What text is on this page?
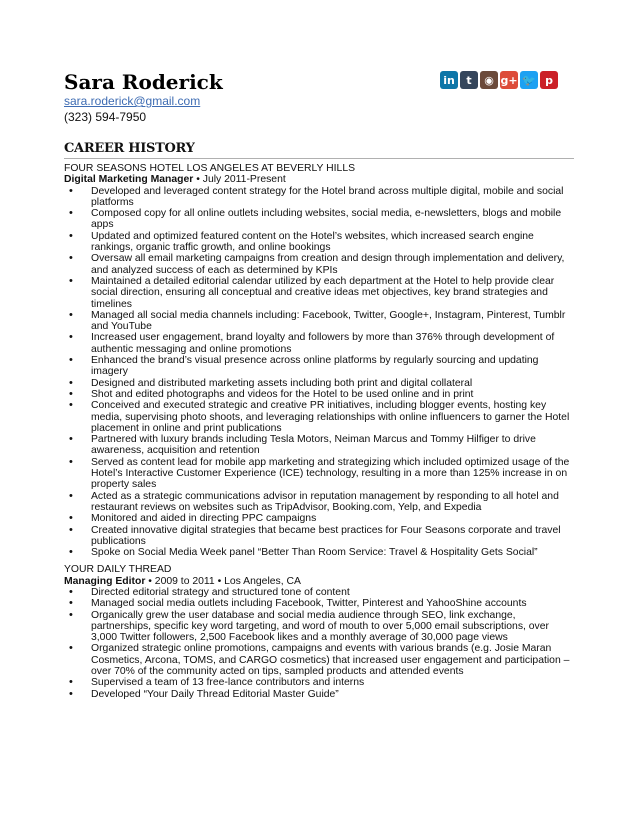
Sara Roderick
sara.roderick@gmail.com
(323) 594-7950
in	t	◉ g+ 🐦 p
CAREER HISTORY
FOUR SEASONS HOTEL LOS ANGELES AT BEVERLY HILLS
Digital Marketing Manager • July 2011-Present
• Developed and leveraged content strategy for the Hotel brand across multiple digital, mobile and social platforms
• Composed copy for all online outlets including websites, social media, e-newsletters, blogs and mobile apps
• Updated and optimized featured content on the Hotel’s websites, which increased search engine rankings, organic traffic growth, and online bookings
• Oversaw all email marketing campaigns from creation and design through implementation and delivery, and analyzed success of each as determined by KPIs
• Maintained a detailed editorial calendar utilized by each department at the Hotel to help provide clear social direction, ensuring all conceptual and creative ideas met objectives, key brand strategies and timelines
• Managed all social media channels including: Facebook, Twitter, Google+, Instagram, Pinterest, Tumblr and YouTube
• Increased user engagement, brand loyalty and followers by more than 376% through development of authentic messaging and online promotions
• Enhanced the brand’s visual presence across online platforms by regularly sourcing and updating imagery
• Designed and distributed marketing assets including both print and digital collateral
• Shot and edited photographs and videos for the Hotel to be used online and in print
• Conceived and executed strategic and creative PR initiatives, including blogger events, hosting key media, supervising photo shoots, and leveraging relationships with online influencers to garner the Hotel placement in online and print publications
• Partnered with luxury brands including Tesla Motors, Neiman Marcus and Tommy Hilfiger to drive awareness, acquisition and retention
• Served as content lead for mobile app marketing and strategizing which included optimized usage of the Hotel’s Interactive Customer Experience (ICE) technology, resulting in a more than 125% increase in on property sales
• Acted as a strategic communications advisor in reputation management by responding to all hotel and restaurant reviews on websites such as TripAdvisor, Booking.com, Yelp, and Expedia
• Monitored and aided in directing PPC campaigns
• Created innovative digital strategies that became best practices for Four Seasons corporate and travel publications
• Spoke on Social Media Week panel “Better Than Room Service: Travel & Hospitality Gets Social”
YOUR DAILY THREAD
Managing Editor • 2009 to 2011 • Los Angeles, CA
• Directed editorial strategy and structured tone of content
• Managed social media outlets including Facebook, Twitter, Pinterest and YahooShine accounts
• Organically grew the user database and social media audience through SEO, link exchange, partnerships, specific key word targeting, and word of mouth to over 5,000 email subscriptions, over 3,000 Twitter followers, 2,500 Facebook likes and a monthly average of 30,000 page views
• Organized strategic online promotions, campaigns and events with various brands (e.g. Josie Maran Cosmetics, Arcona, TOMS, and CARGO cosmetics) that increased user engagement and participation – over 70% of the community acted on tips, sampled products and attended events
• Supervised a team of 13 free-lance contributors and interns
• Developed “Your Daily Thread Editorial Master Guide”
